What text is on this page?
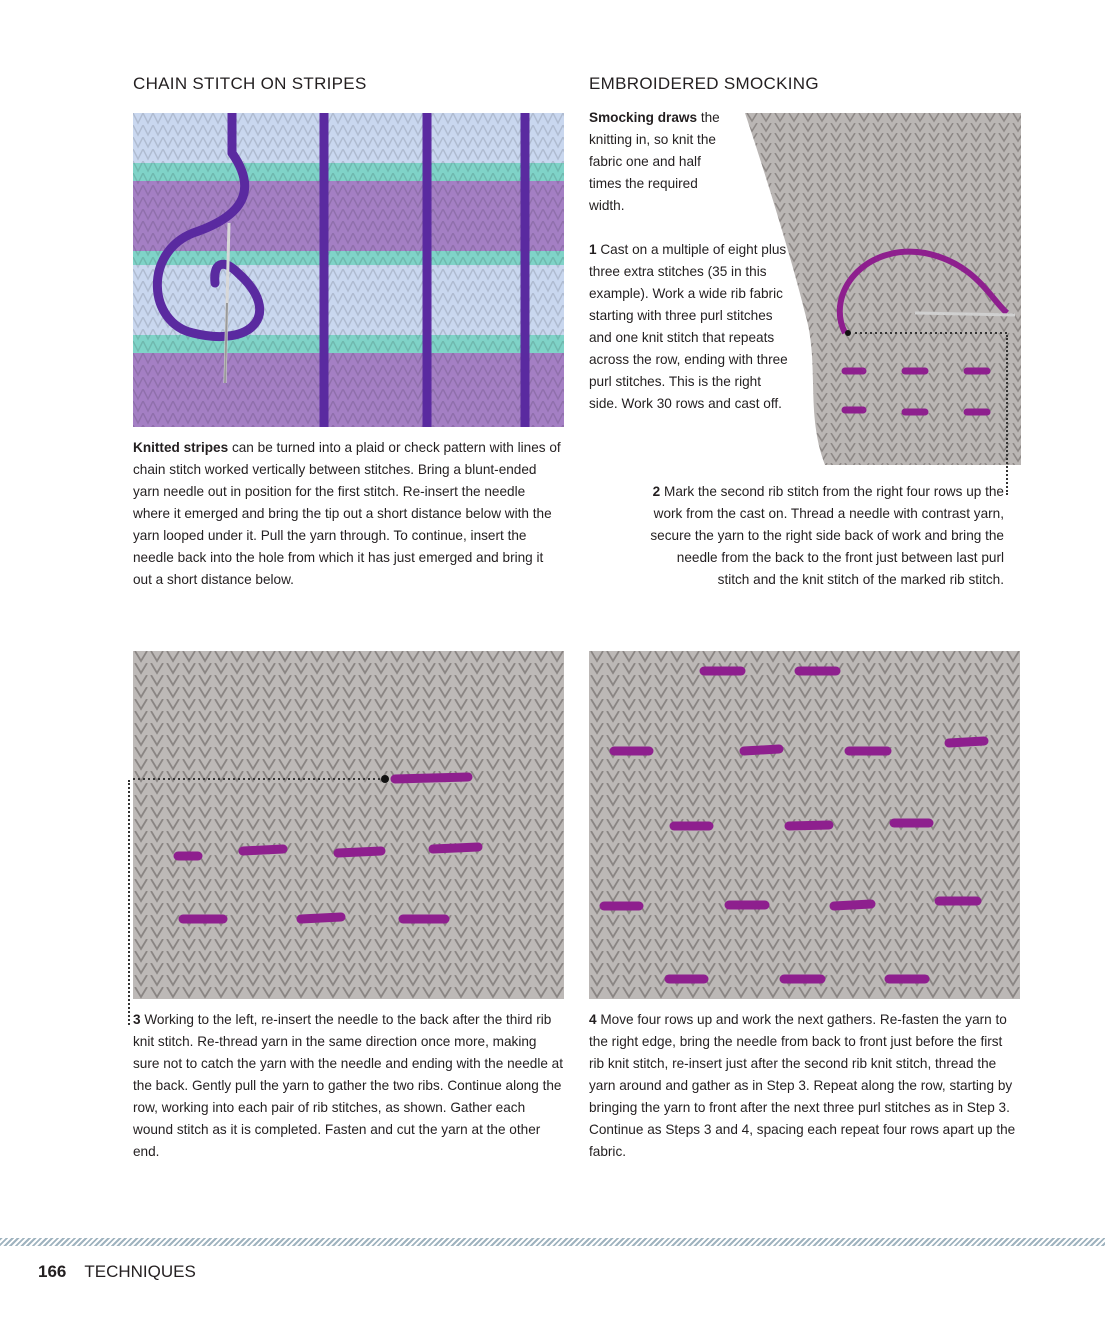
CHAIN STITCH ON STRIPES

Knitted stripes can be turned into a plaid or check pattern with lines of chain stitch worked vertically between stitches. Bring a blunt-ended yarn needle out in position for the first stitch. Re-insert the needle where it emerged and bring the tip out a short distance below with the yarn looped under it. Pull the yarn through. To continue, insert the needle back into the hole from which it has just emerged and bring it out a short distance below.

EMBROIDERED SMOCKING

Smocking draws the knitting in, so knit the fabric one and half times the required width.

1 Cast on a multiple of eight plus three extra stitches (35 in this example). Work a wide rib fabric starting with three purl stitches and one knit stitch that repeats across the row, ending with three purl stitches. This is the right side. Work 30 rows and cast off.

2 Mark the second rib stitch from the right four rows up the work from the cast on. Thread a needle with contrast yarn, secure the yarn to the right side back of work and bring the needle from the back to the front just between last purl stitch and the knit stitch of the marked rib stitch.

3 Working to the left, re-insert the needle to the back after the third rib knit stitch. Re-thread yarn in the same direction once more, making sure not to catch the yarn with the needle and ending with the needle at the back. Gently pull the yarn to gather the two ribs. Continue along the row, working into each pair of rib stitches, as shown. Gather each wound stitch as it is completed. Fasten and cut the yarn at the other end.

4 Move four rows up and work the next gathers. Re-fasten the yarn to the right edge, bring the needle from back to front just before the first rib knit stitch, re-insert just after the second rib knit stitch, thread the yarn around and gather as in Step 3. Repeat along the row, starting by bringing the yarn to front after the next three purl stitches as in Step 3. Continue as Steps 3 and 4, spacing each repeat four rows apart up the fabric.

166 TECHNIQUES
